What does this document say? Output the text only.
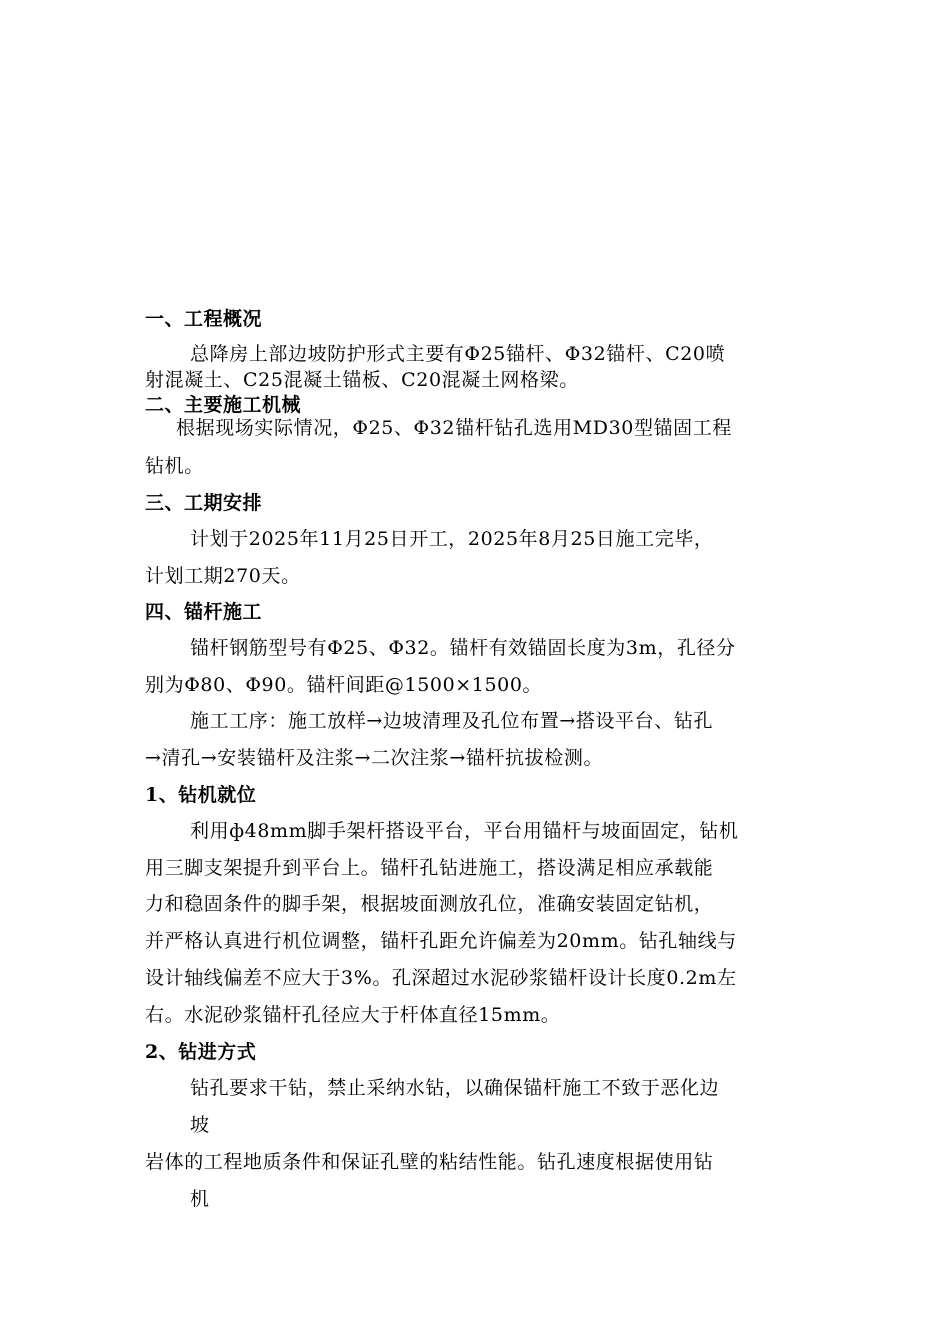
一、工程概况
总降房上部边坡防护形式主要有Φ25锚杆、Φ32锚杆、C20喷
射混凝土、C25混凝土锚板、C20混凝土网格梁。
二、主要施工机械
根据现场实际情况，Φ25、Φ32锚杆钻孔选用MD30型锚固工程
钻机。
三、工期安排
计划于2025年11月25日开工，2025年8月25日施工完毕，
计划工期270天。
四、锚杆施工
锚杆钢筋型号有Φ25、Φ32。锚杆有效锚固长度为3m，孔径分
别为Φ80、Φ90。锚杆间距@1500×1500。
施工工序：施工放样→边坡清理及孔位布置→搭设平台、钻孔
→清孔→安装锚杆及注浆→二次注浆→锚杆抗拔检测。
1、钻机就位
利用ф48mm脚手架杆搭设平台，平台用锚杆与坡面固定，钻机
用三脚支架提升到平台上。锚杆孔钻进施工，搭设满足相应承载能
力和稳固条件的脚手架，根据坡面测放孔位，准确安装固定钻机，
并严格认真进行机位调整，锚杆孔距允许偏差为20mm。钻孔轴线与
设计轴线偏差不应大于3%。孔深超过水泥砂浆锚杆设计长度0.2m左
右。水泥砂浆锚杆孔径应大于杆体直径15mm。
2、钻进方式
钻孔要求干钻，禁止采纳水钻，以确保锚杆施工不致于恶化边
坡
岩体的工程地质条件和保证孔壁的粘结性能。钻孔速度根据使用钻
机
